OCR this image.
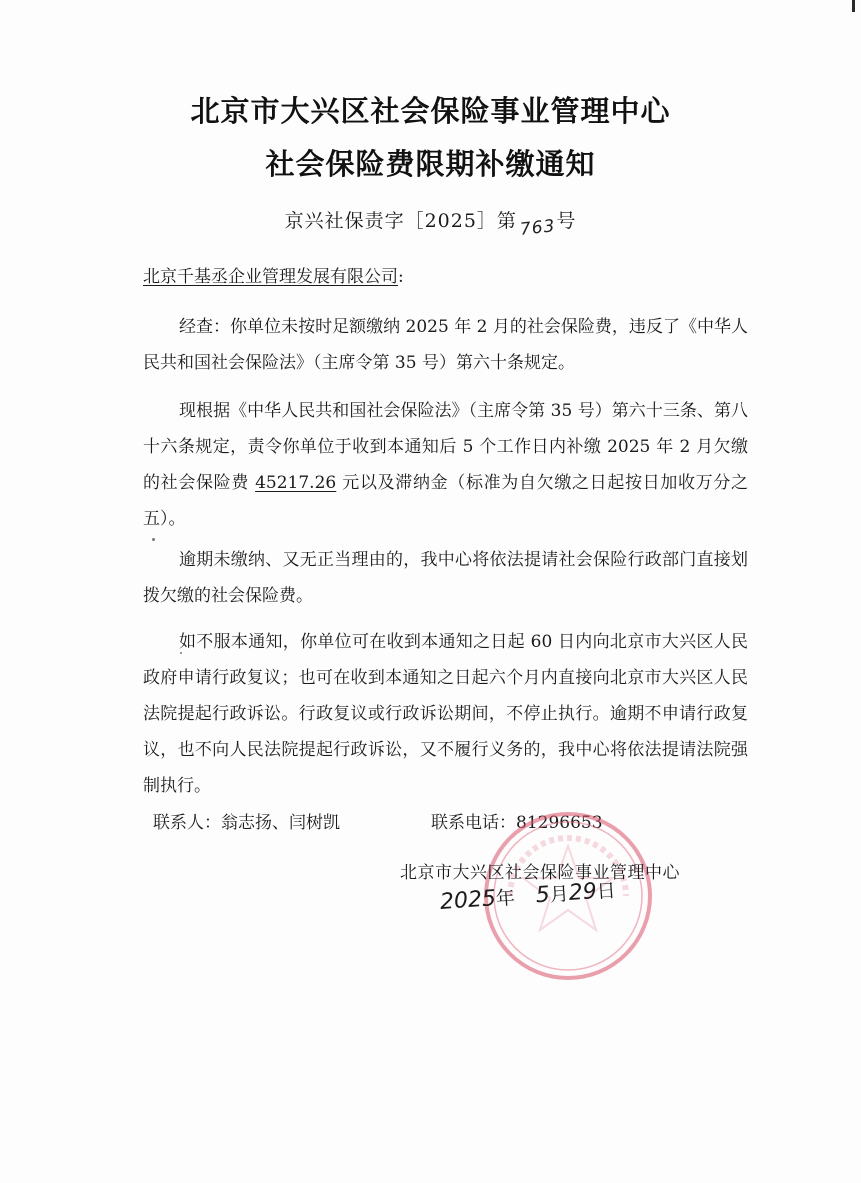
北京市大兴区社会保险事业管理中心
社会保险费限期补缴通知
京兴社保责字［2025］第 763号
北京千基丞企业管理发展有限公司:

经查：你单位未按时足额缴纳 2025 年 2 月的社会保险费，违反了《中华人民共和国社会保险法》（主席令第 35 号）第六十条规定。

现根据《中华人民共和国社会保险法》（主席令第 35 号）第六十三条、第八十六条规定，责令你单位于收到本通知后 5 个工作日内补缴 2025 年 2 月欠缴的社会保险费 45217.26 元以及滞纳金（标准为自欠缴之日起按日加收万分之五）。

逾期未缴纳、又无正当理由的，我中心将依法提请社会保险行政部门直接划拨欠缴的社会保险费。

如不服本通知，你单位可在收到本通知之日起 60 日内向北京市大兴区人民政府申请行政复议；也可在收到本通知之日起六个月内直接向北京市大兴区人民法院提起行政诉讼。行政复议或行政诉讼期间，不停止执行。逾期不申请行政复议，也不向人民法院提起行政诉讼，又不履行义务的，我中心将依法提请法院强制执行。

联系人：翁志扬、闫树凯	联系电话：81296653
北京市大兴区社会保险事业管理中心
2025年 5月29日
